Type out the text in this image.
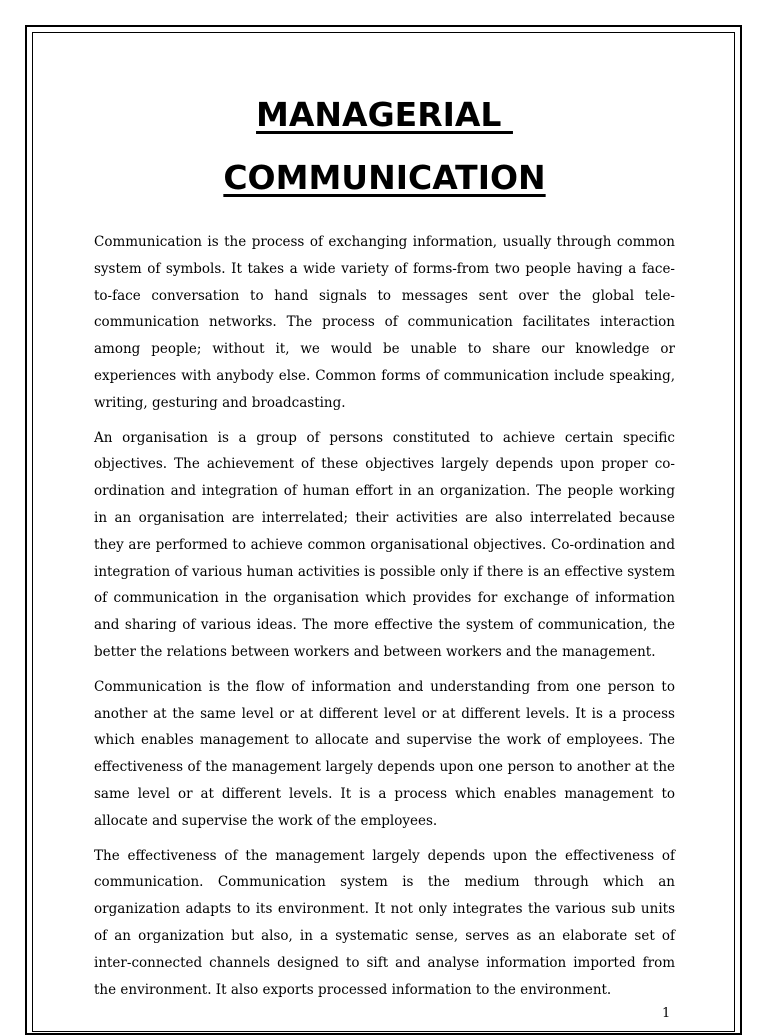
MANAGERIAL
COMMUNICATION

Communication is the process of exchanging information, usually through common system of symbols. It takes a wide variety of forms-from two people having a face-to-face conversation to hand signals to messages sent over the global tele-communication networks. The process of communication facilitates interaction among people; without it, we would be unable to share our knowledge or experiences with anybody else. Common forms of communication include speaking, writing, gesturing and broadcasting.

An organisation is a group of persons constituted to achieve certain specific objectives. The achievement of these objectives largely depends upon proper co-ordination and integration of human effort in an organization. The people working in an organisation are interrelated; their activities are also interrelated because they are performed to achieve common organisational objectives. Co-ordination and integration of various human activities is possible only if there is an effective system of communication in the organisation which provides for exchange of information and sharing of various ideas. The more effective the system of communication, the better the relations between workers and between workers and the management.

Communication is the flow of information and understanding from one person to another at the same level or at different level or at different levels. It is a process which enables management to allocate and supervise the work of employees. The effectiveness of the management largely depends upon one person to another at the same level or at different levels. It is a process which enables management to allocate and supervise the work of the employees.

The effectiveness of the management largely depends upon the effectiveness of communication. Communication system is the medium through which an organization adapts to its environment. It not only integrates the various sub units of an organization but also, in a systematic sense, serves as an elaborate set of inter-connected channels designed to sift and analyse information imported from the environment. It also exports processed information to the environment.

1
